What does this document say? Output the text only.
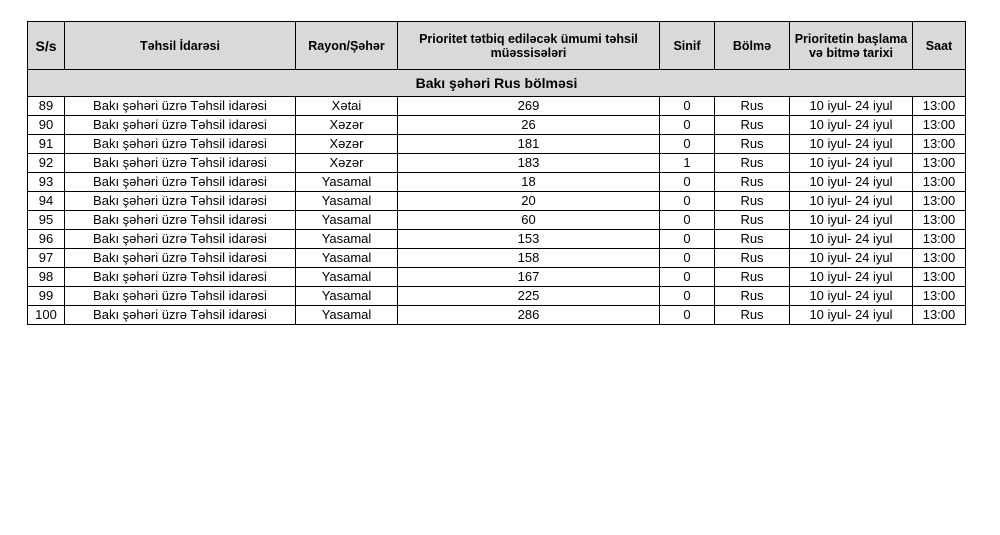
S/s	Təhsil İdarəsi	Rayon/Şəhər	Prioritet tətbiq ediləcək ümumi təhsil müəssisələri	Sinif	Bölmə	Prioritetin başlama və bitmə tarixi	Saat
Bakı şəhəri Rus bölməsi							
89	Bakı şəhəri üzrə Təhsil idarəsi	Xətai	269	0	Rus	10 iyul- 24 iyul	13:00
90	Bakı şəhəri üzrə Təhsil idarəsi	Xəzər	26	0	Rus	10 iyul- 24 iyul	13:00
91	Bakı şəhəri üzrə Təhsil idarəsi	Xəzər	181	0	Rus	10 iyul- 24 iyul	13:00
92	Bakı şəhəri üzrə Təhsil idarəsi	Xəzər	183	1	Rus	10 iyul- 24 iyul	13:00
93	Bakı şəhəri üzrə Təhsil idarəsi	Yasamal	18	0	Rus	10 iyul- 24 iyul	13:00
94	Bakı şəhəri üzrə Təhsil idarəsi	Yasamal	20	0	Rus	10 iyul- 24 iyul	13:00
95	Bakı şəhəri üzrə Təhsil idarəsi	Yasamal	60	0	Rus	10 iyul- 24 iyul	13:00
96	Bakı şəhəri üzrə Təhsil idarəsi	Yasamal	153	0	Rus	10 iyul- 24 iyul	13:00
97	Bakı şəhəri üzrə Təhsil idarəsi	Yasamal	158	0	Rus	10 iyul- 24 iyul	13:00
98	Bakı şəhəri üzrə Təhsil idarəsi	Yasamal	167	0	Rus	10 iyul- 24 iyul	13:00
99	Bakı şəhəri üzrə Təhsil idarəsi	Yasamal	225	0	Rus	10 iyul- 24 iyul	13:00
100	Bakı şəhəri üzrə Təhsil idarəsi	Yasamal	286	0	Rus	10 iyul- 24 iyul	13:00
